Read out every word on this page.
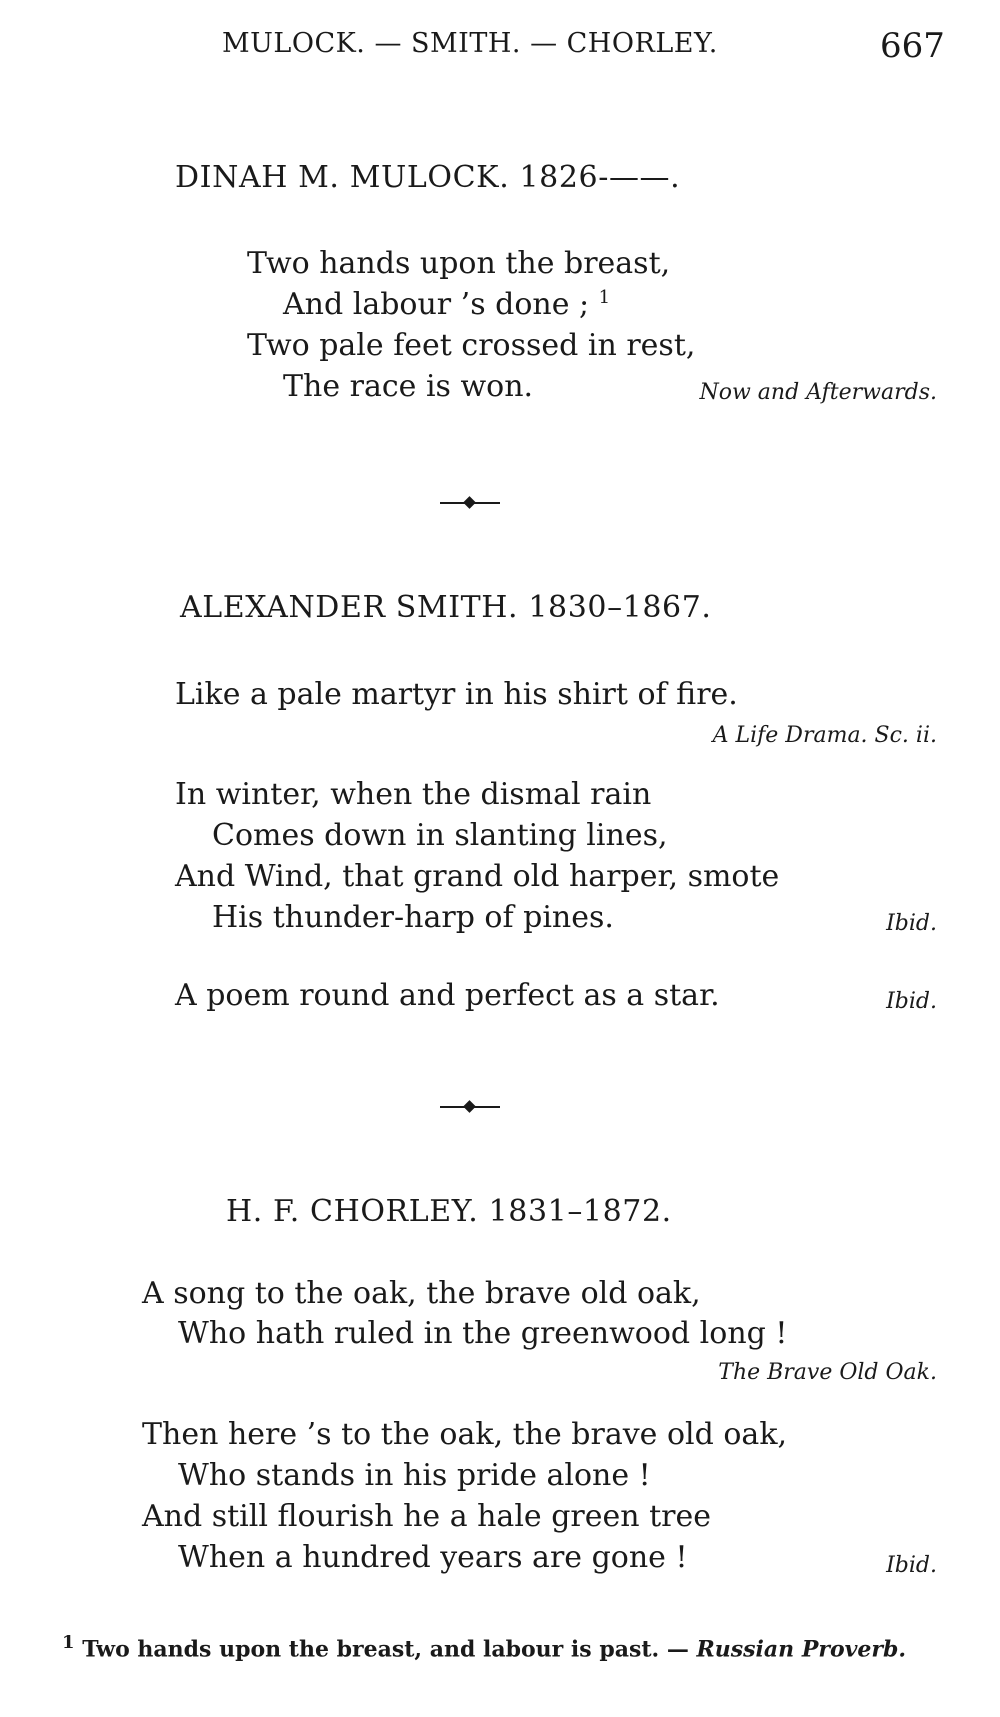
MULOCK. — SMITH. — CHORLEY.	667
DINAH M. MULOCK. 1826-——.
Two hands upon the breast,
And labour ’s done ; $^1$
Two pale feet crossed in rest,
The race is won.	Now and Afterwards.
ALEXANDER SMITH. 1830–1867.
Like a pale martyr in his shirt of fire.
A Life Drama. Sc. ii.
In winter, when the dismal rain
Comes down in slanting lines,
And Wind, that grand old harper, smote
His thunder-harp of pines.	Ibid.
A poem round and perfect as a star.	Ibid.
H. F. CHORLEY. 1831–1872.
A song to the oak, the brave old oak,
Who hath ruled in the greenwood long !
The Brave Old Oak.
Then here ’s to the oak, the brave old oak,
Who stands in his pride alone !
And still flourish he a hale green tree
When a hundred years are gone !	Ibid.
$^1$ Two hands upon the breast, and labour is past. — Russian Proverb.
